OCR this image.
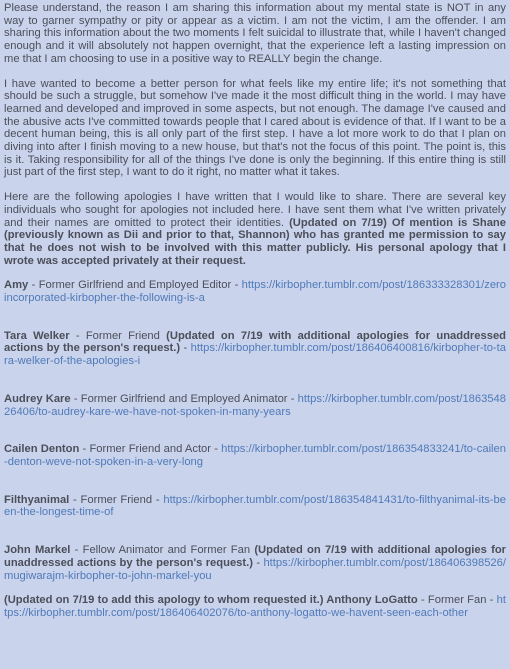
Please understand, the reason I am sharing this information about my mental state is NOT in any way to garner sympathy or pity or appear as a victim. I am not the victim, I am the offender. I am sharing this information about the two moments I felt suicidal to illustrate that, while I haven't changed enough and it will absolutely not happen overnight, that the experience left a lasting impression on me that I am choosing to use in a positive way to REALLY begin the change.

I have wanted to become a better person for what feels like my entire life; it's not something that should be such a struggle, but somehow I've made it the most difficult thing in the world. I may have learned and developed and improved in some aspects, but not enough. The damage I've caused and the abusive acts I've committed towards people that I cared about is evidence of that. If I want to be a decent human being, this is all only part of the first step. I have a lot more work to do that I plan on diving into after I finish moving to a new house, but that's not the focus of this point. The point is, this is it. Taking responsibility for all of the things I've done is only the beginning. If this entire thing is still just part of the first step, I want to do it right, no matter what it takes.

Here are the following apologies I have written that I would like to share. There are several key individuals who sought for apologies not included here. I have sent them what I've written privately and their names are omitted to protect their identities. (Updated on 7/19) Of mention is Shane (previously known as Dii and prior to that, Shannon) who has granted me permission to say that he does not wish to be involved with this matter publicly. His personal apology that I wrote was accepted privately at their request.

Amy - Former Girlfriend and Employed Editor - https://kirbopher.tumblr.com/post/186333328301/zeroincorporated-kirbopher-the-following-is-a
Tara Welker - Former Friend (Updated on 7/19 with additional apologies for unaddressed actions by the person's request.) - https://kirbopher.tumblr.com/post/186406400816/kirbopher-to-tara-welker-of-the-apologies-i
Audrey Kare - Former Girlfriend and Employed Animator - https://kirbopher.tumblr.com/post/186354826406/to-audrey-kare-we-have-not-spoken-in-many-years
Cailen Denton - Former Friend and Actor - https://kirbopher.tumblr.com/post/186354833241/to-cailen-denton-weve-not-spoken-in-a-very-long
Filthyanimal - Former Friend - https://kirbopher.tumblr.com/post/186354841431/to-filthyanimal-its-been-the-longest-time-of
John Markel - Fellow Animator and Former Fan (Updated on 7/19 with additional apologies for unaddressed actions by the person's request.) - https://kirbopher.tumblr.com/post/186406398526/mugiwarajm-kirbopher-to-john-markel-you
(Updated on 7/19 to add this apology to whom requested it.) Anthony LoGatto - Former Fan - https://kirbopher.tumblr.com/post/186406402076/to-anthony-logatto-we-havent-seen-each-other
